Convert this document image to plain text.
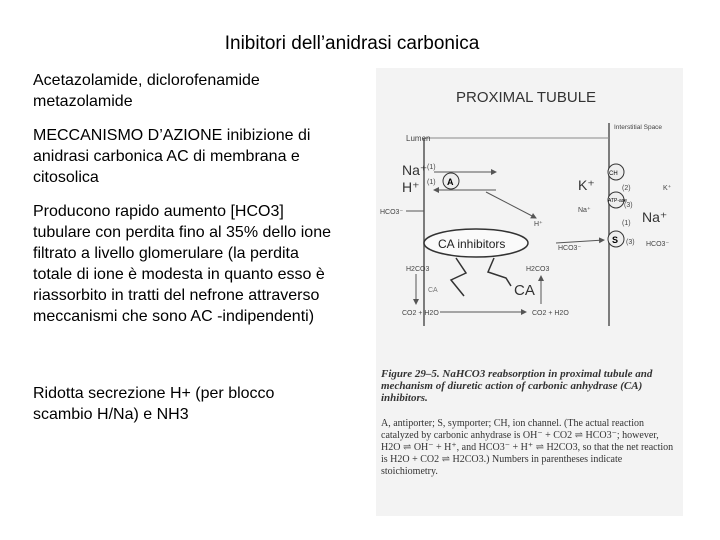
Inibitori dell’anidrasi carbonica
Acetazolamide, diclorofenamide metazolamide
MECCANISMO D’AZIONE inibizione di anidrasi carbonica AC di membrana e citosolica
Producono rapido aumento [HCO3] tubulare con perdita fino al 35% dello ione filtrato a livello glomerulare (la perdita totale di ione è modesta in quanto esso è riassorbito in tratti del nefrone attraverso meccanismi che sono AC -indipendenti)
Ridotta secrezione H+ (per blocco scambio H/Na) e NH3
PROXIMAL TUBULE
Lumen
Interstitial Space
Na⁺
H⁺
(1)
(1) A	K⁺
CH
(2)	K⁺
ATP-ase
(3)
Na⁺
(1) Na⁺
S (3) HCO3⁻
HCO3⁻
H⁺
HCO3⁻
CA inhibitors
H2CO3	H2CO3
CA
CA
CO2 + H2O	CO2 + H2O
Figure 29–5. NaHCO3 reabsorption in proximal tubule and mechanism of diuretic action of carbonic anhydrase (CA) inhibitors.
A, antiporter; S, symporter; CH, ion channel. (The actual reaction catalyzed by carbonic anhydrase is OH⁻ + CO2 ⇌ HCO3⁻; however, H2O ⇌ OH⁻ + H⁺, and HCO3⁻ + H⁺ ⇌ H2CO3, so that the net reaction is H2O + CO2 ⇌ H2CO3.) Numbers in parentheses indicate stoichiometry.
